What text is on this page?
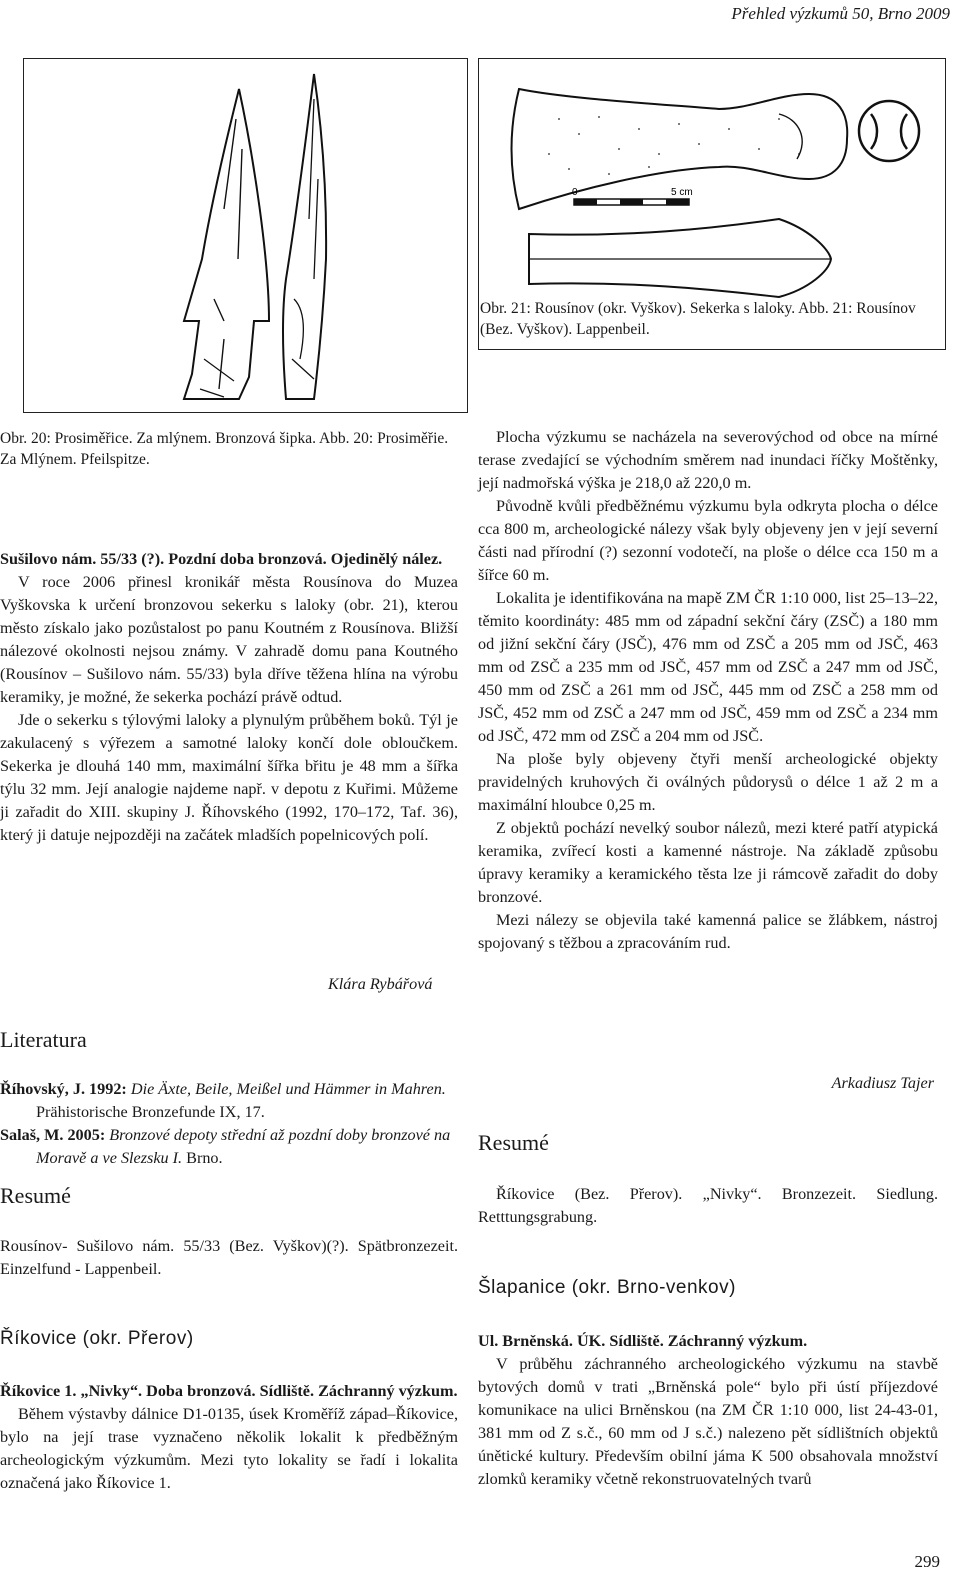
Přehled výzkumů 50, Brno 2009
0	5 cm
Obr. 21: Rousínov (okr. Vyškov). Sekerka s laloky. Abb. 21: Rousínov (Bez. Vyškov). Lappenbeil.
Obr. 20: Prosiměřice. Za mlýnem. Bronzová šipka. Abb. 20: Prosiměřie. Za Mlýnem. Pfeilspitze.

Sušilovo nám. 55/33 (?). Pozdní doba bronzová. Ojedinělý nález.

V roce 2006 přinesl kronikář města Rousínova do Muzea Vyškovska k určení bronzovou sekerku s laloky (obr. 21), kterou město získalo jako pozůstalost po panu Koutném z Rousínova. Bližší nálezové okolnosti nejsou známy. V zahradě domu pana Koutného (Rousínov – Sušilovo nám. 55/33) byla dříve těžena hlína na výrobu keramiky, je možné, že sekerka pochází právě odtud.

Jde o sekerku s týlovými laloky a plynulým průběhem boků. Týl je zakulacený s výřezem a samotné laloky končí dole obloučkem. Sekerka je dlouhá 140 mm, maximální šířka břitu je 48 mm a šířka týlu 32 mm. Její analogie najdeme např. v depotu z Kuřimi. Můžeme ji zařadit do XIII. skupiny J. Říhovského (1992, 170–172, Taf. 36), který ji datuje nejpozději na začátek mladších popelnicových polí.

Klára Rybářová
Literatura
Říhovský, J. 1992: Die Äxte, Beile, Meißel und Hämmer in Mahren. Prähistorische Bronzefunde IX, 17.
Salaš, M. 2005: Bronzové depoty střední až pozdní doby bronzové na Moravě a ve Slezsku I. Brno.
Resumé

Rousínov- Sušilovo nám. 55/33 (Bez. Vyškov)(?). Spätbronzezeit. Einzelfund - Lappenbeil.

Říkovice (okr. Přerov)

Říkovice 1. „Nivky“. Doba bronzová. Sídliště. Záchranný výzkum.

Během výstavby dálnice D1-0135, úsek Kroměříž západ–Říkovice, bylo na její trase vyznačeno několik lokalit k předběžným archeologickým výzkumům. Mezi tyto lokality se řadí i lokalita označená jako Říkovice 1.

Plocha výzkumu se nacházela na severovýchod od obce na mírné terase zvedající se východním směrem nad inundaci říčky Moštěnky, její nadmořská výška je 218,0 až 220,0 m.

Původně kvůli předběžnému výzkumu byla odkryta plocha o délce cca 800 m, archeologické nálezy však byly objeveny jen v její severní části nad přírodní (?) sezonní vodotečí, na ploše o délce cca 150 m a šířce 60 m.

Lokalita je identifikována na mapě ZM ČR 1:10 000, list 25–13–22, těmito koordináty: 485 mm od západní sekční čáry (ZSČ) a 180 mm od jižní sekční čáry (JSČ), 476 mm od ZSČ a 205 mm od JSČ, 463 mm od ZSČ a 235 mm od JSČ, 457 mm od ZSČ a 247 mm od JSČ, 450 mm od ZSČ a 261 mm od JSČ, 445 mm od ZSČ a 258 mm od JSČ, 452 mm od ZSČ a 247 mm od JSČ, 459 mm od ZSČ a 234 mm od JSČ, 472 mm od ZSČ a 204 mm od JSČ.

Na ploše byly objeveny čtyři menší archeologické objekty pravidelných kruhových či oválných půdorysů o délce 1 až 2 m a maximální hloubce 0,25 m.

Z objektů pochází nevelký soubor nálezů, mezi které patří atypická keramika, zvířecí kosti a kamenné nástroje. Na základě způsobu úpravy keramiky a keramického těsta lze ji rámcově zařadit do doby bronzové.

Mezi nálezy se objevila také kamenná palice se žlábkem, nástroj spojovaný s těžbou a zpracováním rud.

Arkadiusz Tajer
Resumé

Říkovice (Bez. Přerov). „Nivky“. Bronzezeit. Siedlung. Retttungsgrabung.

Šlapanice (okr. Brno-venkov)

Ul. Brněnská. ÚK. Sídliště. Záchranný výzkum.

V průběhu záchranného archeologického výzkumu na stavbě bytových domů v trati „Brněnská pole“ bylo při ústí příjezdové komunikace na ulici Brněnskou (na ZM ČR 1:10 000, list 24-43-01, 381 mm od Z s.č., 60 mm od J s.č.) nalezeno pět sídlištních objektů únětické kultury. Především obilní jáma K 500 obsahovala množství zlomků keramiky včetně rekonstruovatelných tvarů

299
